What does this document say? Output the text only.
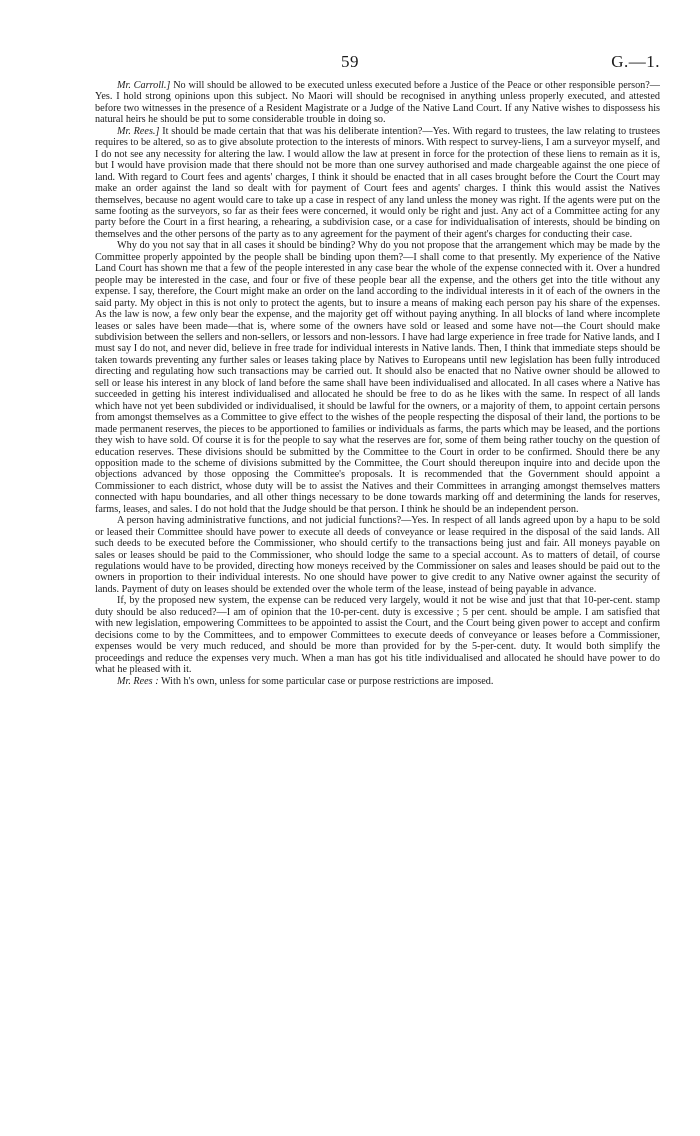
59	G.—1.

Mr. Carroll.] No will should be allowed to be executed unless executed before a Justice of the Peace or other responsible person?—Yes. I hold strong opinions upon this subject. No Maori will should be recognised in anything unless properly executed, and attested before two witnesses in the presence of a Resident Magistrate or a Judge of the Native Land Court. If any Native wishes to dispossess his natural heirs he should be put to some considerable trouble in doing so.

Mr. Rees.] It should be made certain that that was his deliberate intention?—Yes. With regard to trustees, the law relating to trustees requires to be altered, so as to give absolute protection to the interests of minors. With respect to survey-liens, I am a surveyor myself, and I do not see any necessity for altering the law. I would allow the law at present in force for the protection of these liens to remain as it is, but I would have provision made that there should not be more than one survey authorised and made chargeable against the one piece of land. With regard to Court fees and agents' charges, I think it should be enacted that in all cases brought before the Court the Court may make an order against the land so dealt with for payment of Court fees and agents' charges. I think this would assist the Natives themselves, because no agent would care to take up a case in respect of any land unless the money was right. If the agents were put on the same footing as the surveyors, so far as their fees were concerned, it would only be right and just. Any act of a Committee acting for any party before the Court in a first hearing, a rehearing, a subdivision case, or a case for individualisation of interests, should be binding on themselves and the other persons of the party as to any agreement for the payment of their agent's charges for conducting their case.

Why do you not say that in all cases it should be binding? Why do you not propose that the arrangement which may be made by the Committee properly appointed by the people shall be binding upon them?—I shall come to that presently. My experience of the Native Land Court has shown me that a few of the people interested in any case bear the whole of the expense connected with it. Over a hundred people may be interested in the case, and four or five of these people bear all the expense, and the others get into the title without any expense. I say, therefore, the Court might make an order on the land according to the individual interests in it of each of the owners in the said party. My object in this is not only to protect the agents, but to insure a means of making each person pay his share of the expenses. As the law is now, a few only bear the expense, and the majority get off without paying anything. In all blocks of land where incomplete leases or sales have been made—that is, where some of the owners have sold or leased and some have not—the Court should make subdivision between the sellers and non-sellers, or lessors and non-lessors. I have had large experience in free trade for Native lands, and I must say I do not, and never did, believe in free trade for individual interests in Native lands. Then, I think that immediate steps should be taken towards preventing any further sales or leases taking place by Natives to Europeans until new legislation has been fully introduced directing and regulating how such transactions may be carried out. It should also be enacted that no Native owner should be allowed to sell or lease his interest in any block of land before the same shall have been individualised and allocated. In all cases where a Native has succeeded in getting his interest individualised and allocated he should be free to do as he likes with the same. In respect of all lands which have not yet been subdivided or individualised, it should be lawful for the owners, or a majority of them, to appoint certain persons from amongst themselves as a Committee to give effect to the wishes of the people respecting the disposal of their land, the portions to be made permanent reserves, the pieces to be apportioned to families or individuals as farms, the parts which may be leased, and the portions they wish to have sold. Of course it is for the people to say what the reserves are for, some of them being rather touchy on the question of education reserves. These divisions should be submitted by the Committee to the Court in order to be confirmed. Should there be any opposition made to the scheme of divisions submitted by the Committee, the Court should thereupon inquire into and decide upon the objections advanced by those opposing the Committee's proposals. It is recommended that the Government should appoint a Commissioner to each district, whose duty will be to assist the Natives and their Committees in arranging amongst themselves matters connected with hapu boundaries, and all other things necessary to be done towards marking off and determining the lands for reserves, farms, leases, and sales. I do not hold that the Judge should be that person. I think he should be an independent person.

A person having administrative functions, and not judicial functions?—Yes. In respect of all lands agreed upon by a hapu to be sold or leased their Committee should have power to execute all deeds of conveyance or lease required in the disposal of the said lands. All such deeds to be executed before the Commissioner, who should certify to the transactions being just and fair. All moneys payable on sales or leases should be paid to the Commissioner, who should lodge the same to a special account. As to matters of detail, of course regulations would have to be provided, directing how moneys received by the Commissioner on sales and leases should be paid out to the owners in proportion to their individual interests. No one should have power to give credit to any Native owner against the security of lands. Payment of duty on leases should be extended over the whole term of the lease, instead of being payable in advance.

If, by the proposed new system, the expense can be reduced very largely, would it not be wise and just that that 10-per-cent. stamp duty should be also reduced?—I am of opinion that the 10-per-cent. duty is excessive ; 5 per cent. should be ample. I am satisfied that with new legislation, empowering Committees to be appointed to assist the Court, and the Court being given power to accept and confirm decisions come to by the Committees, and to empower Committees to execute deeds of conveyance or leases before a Commissioner, expenses would be very much reduced, and should be more than provided for by the 5-per-cent. duty. It would both simplify the proceedings and reduce the expenses very much. When a man has got his title individualised and allocated he should have power to do what he pleased with it.

Mr. Rees : With h's own, unless for some particular case or purpose restrictions are imposed.
